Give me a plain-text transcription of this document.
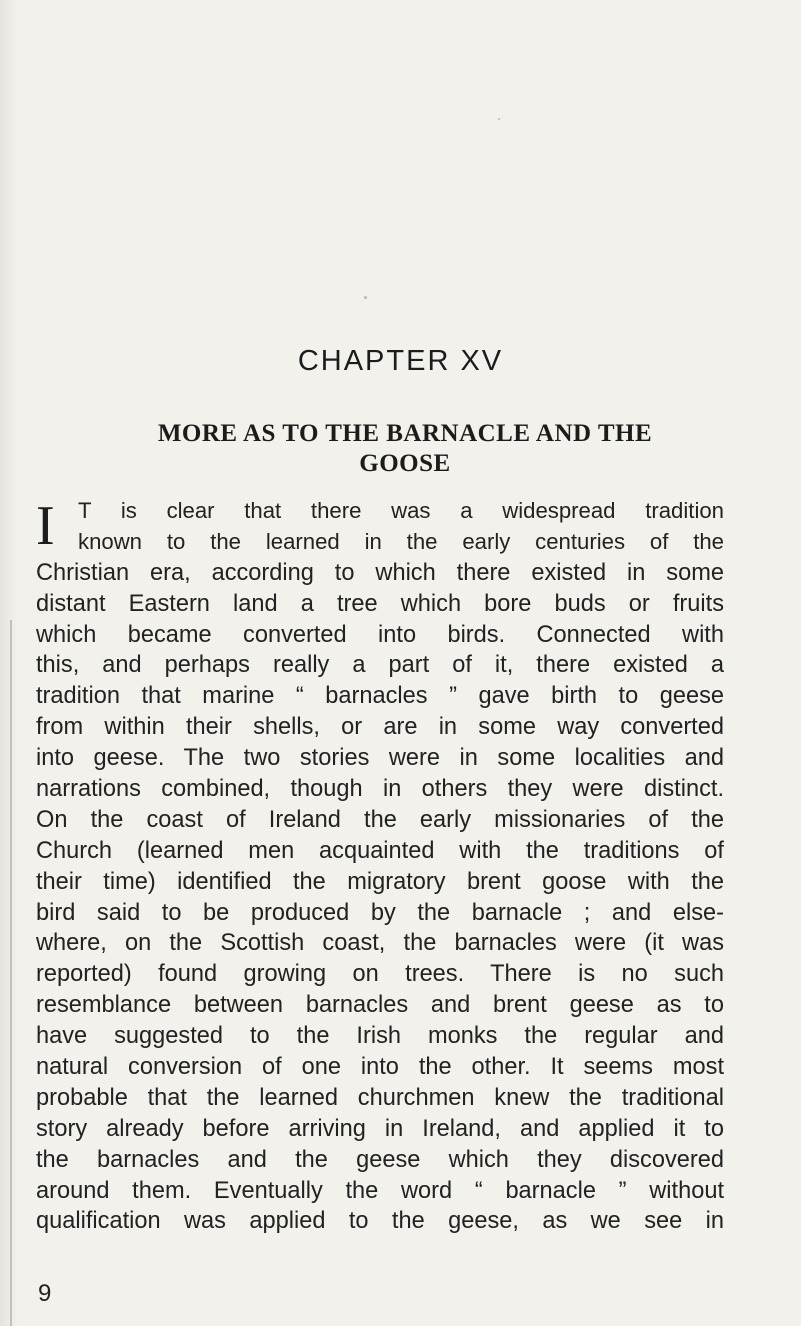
CHAPTER XV
MORE AS TO THE BARNACLE AND THE
GOOSE
I	T is clear that there was a widespread tradition
known to the learned in the early centuries of the
Christian era, according to which there existed in some
distant Eastern land a tree which bore buds or fruits
which became converted into birds. Connected with
this, and perhaps really a part of it, there existed a
tradition that marine “ barnacles ” gave birth to geese
from within their shells, or are in some way converted
into geese. The two stories were in some localities and
narrations combined, though in others they were distinct.
On the coast of Ireland the early missionaries of the
Church (learned men acquainted with the traditions of
their time) identified the migratory brent goose with the
bird said to be produced by the barnacle ; and else-
where, on the Scottish coast, the barnacles were (it was
reported) found growing on trees. There is no such
resemblance between barnacles and brent geese as to
have suggested to the Irish monks the regular and
natural conversion of one into the other. It seems most
probable that the learned churchmen knew the traditional
story already before arriving in Ireland, and applied it to
the barnacles and the geese which they discovered
around them. Eventually the word “ barnacle ” without
qualification was applied to the geese, as we see in
9
